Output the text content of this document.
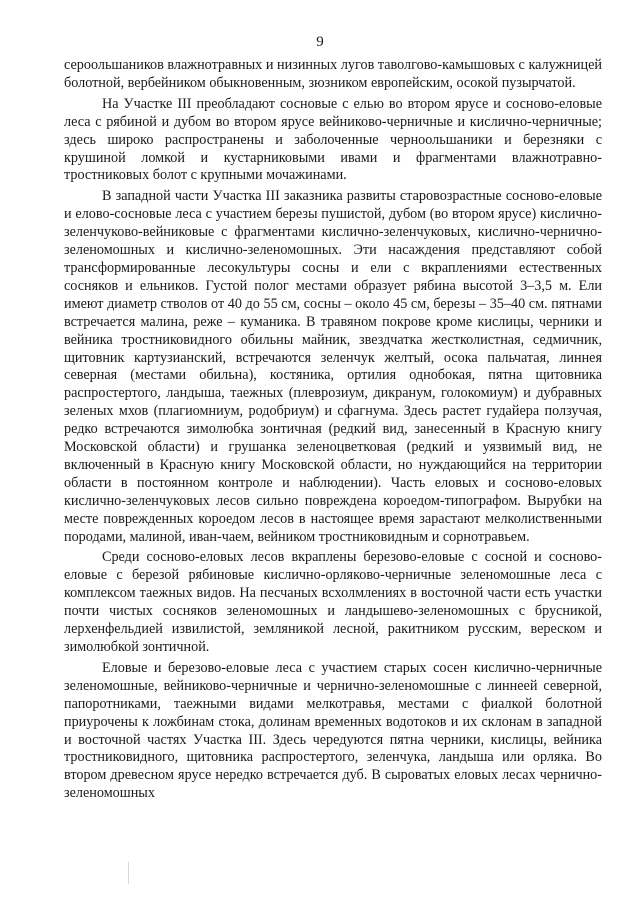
9

сероольшаников влажнотравных и низинных лугов таволгово-камышовых с калужницей болотной, вербейником обыкновенным, зюзником европейским, осокой пузырчатой.

На Участке III преобладают сосновые с елью во втором ярусе и сосново-еловые леса с рябиной и дубом во втором ярусе вейниково-черничные и кислично-черничные; здесь широко распространены и заболоченные черноольшаники и березняки с крушиной ломкой и кустарниковыми ивами и фрагментами влажнотравно-тростниковых болот с крупными мочажинами.

В западной части Участка III заказника развиты старовозрастные сосново-еловые и елово-сосновые леса с участием березы пушистой, дубом (во втором ярусе) кислично-зеленчуково-вейниковые с фрагментами кислично-зеленчуковых, кислично-чернично-зеленомошных и кислично-зеленомошных. Эти насаждения представляют собой трансформированные лесокультуры сосны и ели с вкраплениями естественных сосняков и ельников. Густой полог местами образует рябина высотой 3–3,5 м. Ели имеют диаметр стволов от 40 до 55 см, сосны – около 45 см, березы – 35–40 см. пятнами встречается малина, реже – куманика. В травяном покрове кроме кислицы, черники и вейника тростниковидного обильны майник, звездчатка жестколистная, седмичник, щитовник картузианский, встречаются зеленчук желтый, осока пальчатая, линнея северная (местами обильна), костяника, ортилия однобокая, пятна щитовника распростертого, ландыша, таежных (плеврозиум, дикранум, голокомиум) и дубравных зеленых мхов (плагиомниум, родобриум) и сфагнума. Здесь растет гудайера ползучая, редко встречаются зимолюбка зонтичная (редкий вид, занесенный в Красную книгу Московской области) и грушанка зеленоцветковая (редкий и уязвимый вид, не включенный в Красную книгу Московской области, но нуждающийся на территории области в постоянном контроле и наблюдении). Часть еловых и сосново-еловых кислично-зеленчуковых лесов сильно повреждена короедом-типографом. Вырубки на месте поврежденных короедом лесов в настоящее время зарастают мелколиственными породами, малиной, иван-чаем, вейником тростниковидным и сорнотравьем.

Среди сосново-еловых лесов вкраплены березово-еловые с сосной и сосново-еловые с березой рябиновые кислично-орляково-черничные зеленомошные леса с комплексом таежных видов. На песчаных всхолмлениях в восточной части есть участки почти чистых сосняков зеленомошных и ландышево-зеленомошных с брусникой, лерхенфельдией извилистой, земляникой лесной, ракитником русским, вереском и зимолюбкой зонтичной.

Еловые и березово-еловые леса с участием старых сосен кислично-черничные зеленомошные, вейниково-черничные и чернично-зеленомошные с линнеей северной, папоротниками, таежными видами мелкотравья, местами с фиалкой болотной приурочены к ложбинам стока, долинам временных водотоков и их склонам в западной и восточной частях Участка III. Здесь чередуются пятна черники, кислицы, вейника тростниковидного, щитовника распростертого, зеленчука, ландыша или орляка. Во втором древесном ярусе нередко встречается дуб. В сыроватых еловых лесах чернично-зеленомошных
